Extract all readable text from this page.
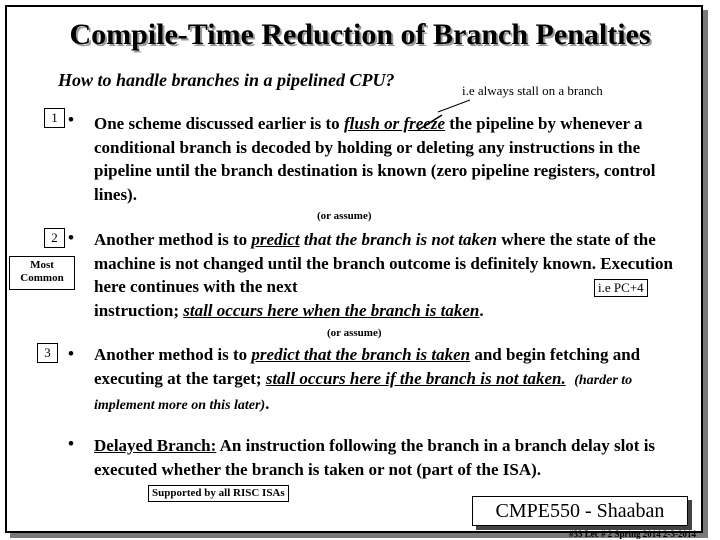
Compile-Time Reduction of Branch Penalties
How to handle branches in a pipelined CPU?
i.e always stall on a branch
1 • One scheme discussed earlier is to flush or freeze the pipeline by whenever a conditional branch is decoded by holding or deleting any instructions in the pipeline until the branch destination is known (zero pipeline registers, control lines).
(or assume)
2
Most Common
• Another method is to predict that the branch is not taken where the state of the machine is not changed until the branch outcome is definitely known. Execution here continues with the next
instruction; stall occurs here when the branch is taken.
i.e PC+4
(or assume)
3	• Another method is to predict that the branch is taken and begin fetching and executing at the target; stall occurs here if the branch is not taken. (harder to implement more on this later).
• Delayed Branch: An instruction following the branch in a branch delay slot is executed whether the branch is taken or not (part of the ISA).
Supported by all RISC ISAs
CMPE550 - Shaaban
#33 Lec # 2 Spring 2014 2-3-2014
